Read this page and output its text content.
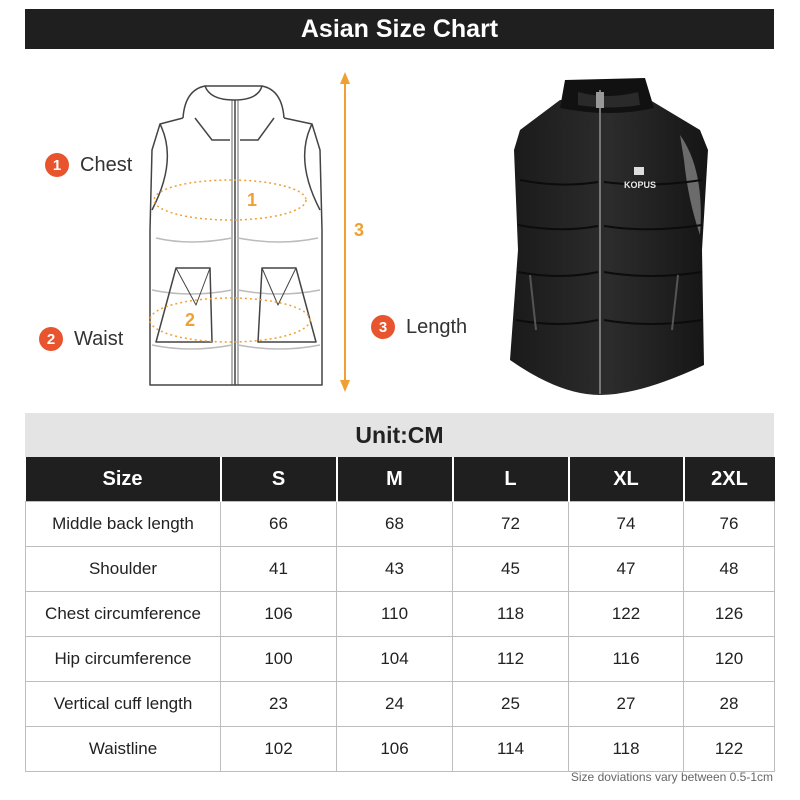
Asian Size Chart
1
2
3
1 Chest
2 Waist
3 Length
KOPUS
Unit:CM
Size	S	M	L	XL	2XL
Middle back length	66	68	72	74	76
Shoulder	41	43	45	47	48
Chest circumference	106	110	118	122	126
Hip circumference	100	104	112	116	120
Vertical cuff length	23	24	25	27	28
Waistline	102	106	114	118	122
Size doviations vary between 0.5-1cm
